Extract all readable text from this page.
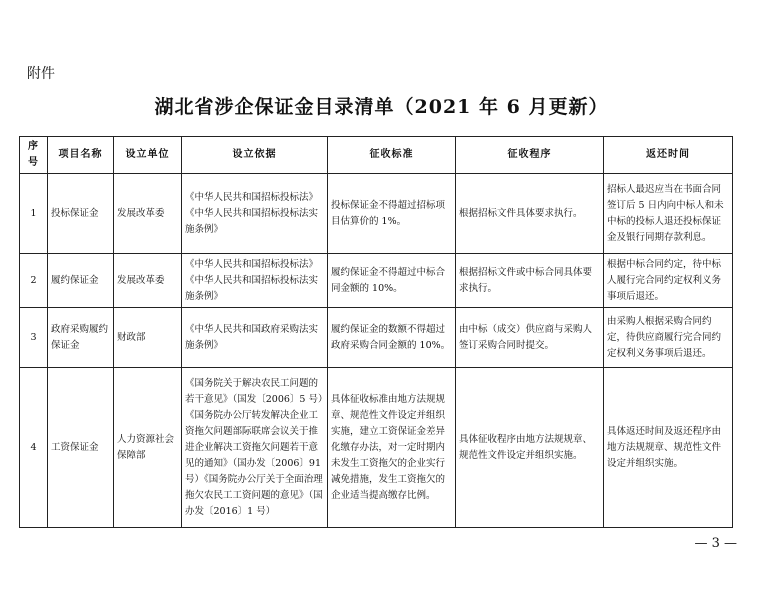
附件
湖北省涉企保证金目录清单（2021 年 6 月更新）
序号	项目名称	设立单位	设立依据	征收标准	征收程序	返还时间
1	投标保证金	发展改革委	《中华人民共和国招标投标法》《中华人民共和国招标投标法实施条例》	投标保证金不得超过招标项目估算价的 1%。	根据招标文件具体要求执行。	招标人最迟应当在书面合同签订后 5 日内向中标人和未中标的投标人退还投标保证金及银行同期存款利息。
2	履约保证金	发展改革委	《中华人民共和国招标投标法》《中华人民共和国招标投标法实施条例》	履约保证金不得超过中标合同金额的 10%。	根据招标文件或中标合同具体要求执行。	根据中标合同约定，待中标人履行完合同约定权利义务事项后退还。
3	政府采购履约保证金	财政部	《中华人民共和国政府采购法实施条例》	履约保证金的数额不得超过政府采购合同金额的 10%。	由中标（成交）供应商与采购人签订采购合同时提交。	由采购人根据采购合同约定，待供应商履行完合同约定权利义务事项后退还。
4	工资保证金	人力资源社会保障部	《国务院关于解决农民工问题的若干意见》（国发〔2006〕5 号）《国务院办公厅转发解决企业工资拖欠问题部际联席会议关于推进企业解决工资拖欠问题若干意见的通知》（国办发〔2006〕91 号）《国务院办公厅关于全面治理拖欠农民工工资问题的意见》（国办发〔2016〕1 号）	具体征收标准由地方法规规章、规范性文件设定并组织实施，建立工资保证金差异化缴存办法，对一定时期内未发生工资拖欠的企业实行减免措施，发生工资拖欠的企业适当提高缴存比例。	具体征收程序由地方法规规章、规范性文件设定并组织实施。	具体返还时间及返还程序由地方法规规章、规范性文件设定并组织实施。
— 3 —
